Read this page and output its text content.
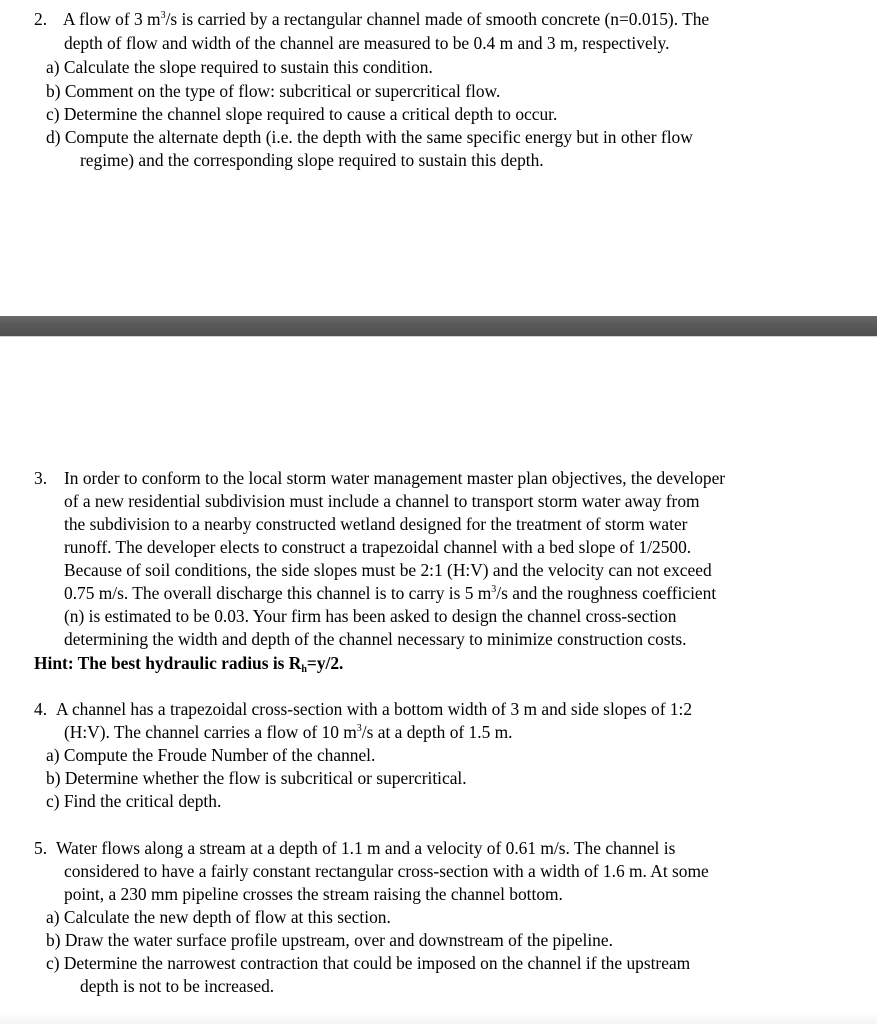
2. A flow of 3 $m^3/s$ is carried by a rectangular channel made of smooth concrete (n=0.015). The
depth of flow and width of the channel are measured to be 0.4 m and 3 m, respectively.
a) Calculate the slope required to sustain this condition.
b) Comment on the type of flow: subcritical or supercritical flow.
c) Determine the channel slope required to cause a critical depth to occur.
d) Compute the alternate depth (i.e. the depth with the same specific energy but in other flow
regime) and the corresponding slope required to sustain this depth.
3. In order to conform to the local storm water management master plan objectives, the developer
of a new residential subdivision must include a channel to transport storm water away from
the subdivision to a nearby constructed wetland designed for the treatment of storm water
runoff. The developer elects to construct a trapezoidal channel with a bed slope of 1/2500.
Because of soil conditions, the side slopes must be 2:1 (H:V) and the velocity can not exceed
0.75 m/s. The overall discharge this channel is to carry is 5 $m^3/s$ and the roughness coefficient
(n) is estimated to be 0.03. Your firm has been asked to design the channel cross-section
determining the width and depth of the channel necessary to minimize construction costs.
Hint: The best hydraulic radius is $R_h=y/2$.
4. A channel has a trapezoidal cross-section with a bottom width of 3 m and side slopes of 1:2
(H:V). The channel carries a flow of 10 $m^3/s$ at a depth of 1.5 m.
a) Compute the Froude Number of the channel.
b) Determine whether the flow is subcritical or supercritical.
c) Find the critical depth.
5. Water flows along a stream at a depth of 1.1 m and a velocity of 0.61 m/s. The channel is
considered to have a fairly constant rectangular cross-section with a width of 1.6 m. At some
point, a 230 mm pipeline crosses the stream raising the channel bottom.
a) Calculate the new depth of flow at this section.
b) Draw the water surface profile upstream, over and downstream of the pipeline.
c) Determine the narrowest contraction that could be imposed on the channel if the upstream
depth is not to be increased.
